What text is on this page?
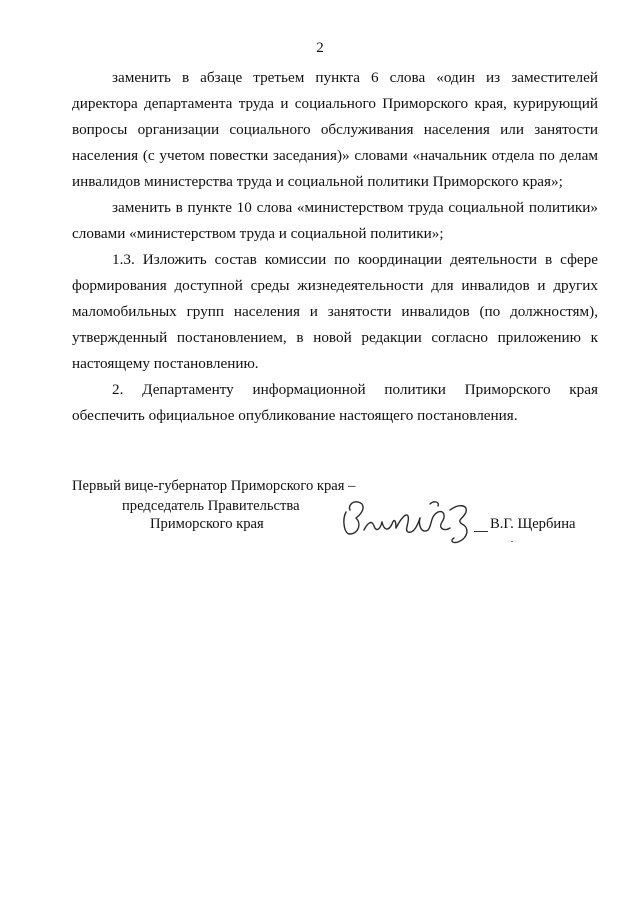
2

заменить в абзаце третьем пункта 6 слова «один из заместителей директора департамента труда и социального Приморского края, курирующий вопросы организации социального обслуживания населения или занятости населения (с учетом повестки заседания)» словами «начальник отдела по делам инвалидов министерства труда и социальной политики Приморского края»;

заменить в пункте 10 слова «министерством труда социальной политики» словами «министерством труда и социальной политики»;

1.3. Изложить состав комиссии по координации деятельности в сфере формирования доступной среды жизнедеятельности для инвалидов и других маломобильных групп населения и занятости инвалидов (по должностям), утвержденный постановлением, в новой редакции согласно приложению к настоящему постановлению.

2. Департаменту информационной политики Приморского края обеспечить официальное опубликование настоящего постановления.

Первый вице-губернатор Приморского края –
председатель Правительства
Приморского края	В.Г. Щербина
